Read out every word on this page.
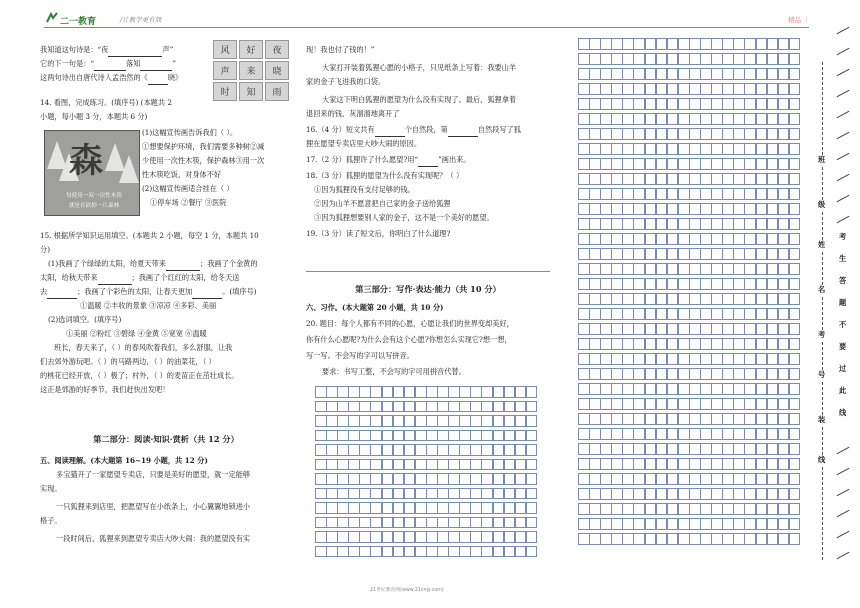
二一教育	/让教学更有效	精品 ｜
我知道这句诗是：“夜	声”
它的下一句是：“	落知	”
这两句诗出自唐代诗人孟浩然的《	晓》
风	好	夜
声	来	晓
时	知	雨
14. 看图，完成练习。(填序号) (本题共 2
小题，每小题 3 分，本题共 6 分)
森
每使用一双一次性木筷
就是在砍掉一片森林
(1)这幅宣传画告诉我们（ ）。
①想要保护环境，我们需要多种树②减
少使用一次性木筷，保护森林③用一次
性木筷吃饭，对身体不好
(2)这幅宣传画适合挂在（ ）
①停车场 ②餐厅 ③医院
15. 根据所学知识运用填空。(本题共 2 小题，每空 1 分，本题共 10
分)
(1)我画了个绿绿的太阳，给夏天带来	；我画了个金黄的
太阳，给秋天带来	；我画了个红红的太阳，给冬天送
去	；我画了个彩色的太阳，让春天更加	。(填序号)
①温暖 ②丰收的景象 ③凉凉 ④多彩、美丽
(2)选词填空。(填序号)
①美丽 ②粉红 ③碧绿 ④金黄 ⑤宽宽 ⑥温暖
班长，春天来了，（ ）的春风吹着我们，多么舒服，让我
们去郊外游玩吧。（ ）的马路两边，（ ）的油菜花，（ ）
的桃花已经开放，（ ）极了；村外，（ ）的麦苗正在茁壮成长。
这正是郊游的好季节，我们赶快出发吧！
第二部分：阅读·知识·赏析（共 12 分）
五、阅读理解。(本大题第 16~19 小题，共 12 分)
多宝猫开了一家愿望专卖店，只要是美好的愿望，就一定能够
实现。
一只狐狸来到店里，把愿望写在小纸条上，小心翼翼地锁进小
格子。
一段时间后，狐狸来到愿望专卖店大吵大闹：我的愿望没有实
现！我也付了钱的！”
大家打开装着狐狸心愿的小格子，只见纸条上写着：我要山羊
家的金子飞进我的口袋。
大家这下明白狐狸的愿望为什么没有实现了。最后，狐狸拿着
退回来的钱，灰溜溜地离开了
16.（4 分）短文共有	个自然段，第	自然段写了狐
狸在愿望专卖店里大吵大闹的原因。
17.（2 分）狐狸许了什么愿望?用“	”画出来。
18.（3 分）狐狸的愿望为什么没有实现呢？（ ）
①因为狐狸没有支付足够的钱。
②因为山羊不愿意把自己家的金子送给狐狸
③因为狐狸想要别人家的金子，这不是一个美好的愿望。
19.（3 分）读了短文后，你明白了什么道理?
第三部分：写作·表达·能力（共 10 分）
六、习作。(本大题第 20 小题，共 10 分)
20. 题目：每个人都有不同的心愿，心愿让我们的世界变却美好，
你有什么心愿呢?为什么会有这个心愿?你想怎么实现它?想一想，
写一写。不会写的字可以写拼音。
要求：书写工整，不会写的字可用拼音代替。
班
级
姓
名
考
号
装
线
考
生
答
题
不
要
过
此
线
21世纪教育网(www.21cnjy.com)
